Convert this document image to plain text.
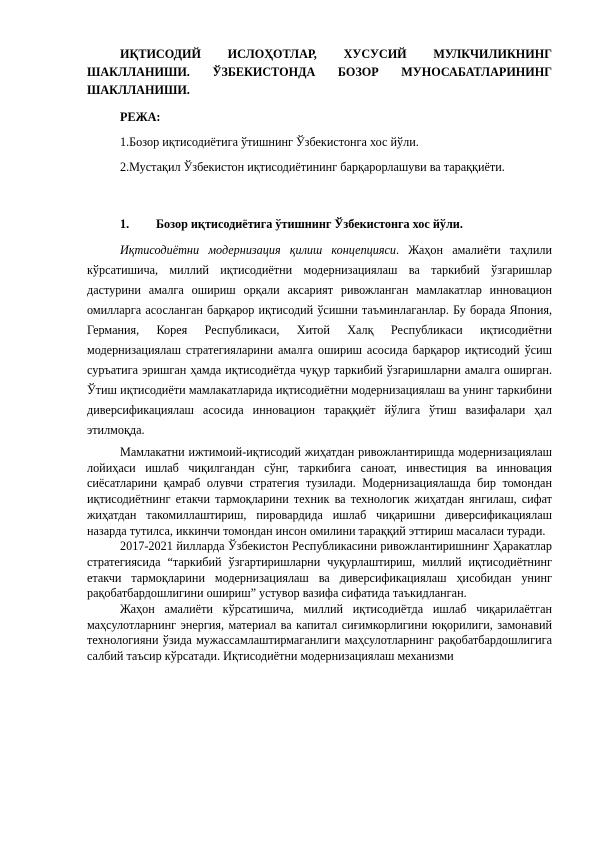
ИҚТИСОДИЙ ИСЛОҲОТЛАР, ХУСУСИЙ МУЛКЧИЛИКНИНГ ШАКЛЛАНИШИ. ЎЗБЕКИСТОНДА БОЗОР МУНОСАБАТЛАРИНИНГ ШАКЛЛАНИШИ.

РЕЖА:

1.Бозор иқтисодиётига ўтишнинг Ўзбекистонга хос йўли.

2.Мустақил Ўзбекистон иқтисодиётининг барқарорлашуви ва тараққиёти.

1.	Бозор иқтисодиётига ўтишнинг Ўзбекистонга хос йўли.

Иқтисодиётни модернизация қилиш концепцияси. Жаҳон амалиёти таҳлили кўрсатишича, миллий иқтисодиётни модернизациялаш ва таркибий ўзгаришлар дастурини амалга ошириш орқали аксарият ривожланган мамлакатлар инновацион омилларга асосланган барқарор иқтисодий ўсишни таъминлаганлар. Бу борада Япония, Германия, Корея Республикаси, Хитой Халқ Республикаси иқтисодиётни модернизациялаш стратегияларини амалга ошириш асосида барқарор иқтисодий ўсиш суръатига эришган ҳамда иқтисодиётда чуқур таркибий ўзгаришларни амалга оширган. Ўтиш иқтисодиёти мамлакатларида иқтисодиётни модернизациялаш ва унинг таркибини диверсификациялаш асосида инновацион тараққиёт йўлига ўтиш вазифалари ҳал этилмоқда.

Мамлакатни ижтимоий-иқтисодий жиҳатдан ривожлантиришда модернизациялаш лойиҳаси ишлаб чиқилгандан сўнг, таркибига саноат, инвестиция ва инновация сиёсатларини қамраб олувчи стратегия тузилади. Модернизациялашда бир томондан иқтисодиётнинг етакчи тармоқларини техник ва технологик жиҳатдан янгилаш, сифат жиҳатдан такомиллаштириш, пировардида ишлаб чиқаришни диверсификациялаш назарда тутилса, иккинчи томондан инсон омилини тараққий эттириш масаласи туради.

2017-2021 йилларда Ўзбекистон Республикасини ривожлантиришнинг Ҳаракатлар стратегиясида “таркибий ўзгартиришларни чуқурлаштириш, миллий иқтисодиётнинг етакчи тармоқларини модернизациялаш ва диверсификациялаш ҳисобидан унинг рақобатбардошлигини ошириш” устувор вазифа сифатида таъкидланган.

Жаҳон амалиёти кўрсатишича, миллий иқтисодиётда ишлаб чиқарилаётган маҳсулотларнинг энергия, материал ва капитал сиғимкорлигини юқорилиги, замонавий технологияни ўзида мужассамлаштирмаганлиги маҳсулотларнинг рақобатбардошлигига салбий таъсир кўрсатади. Иқтисодиётни модернизациялаш механизми
